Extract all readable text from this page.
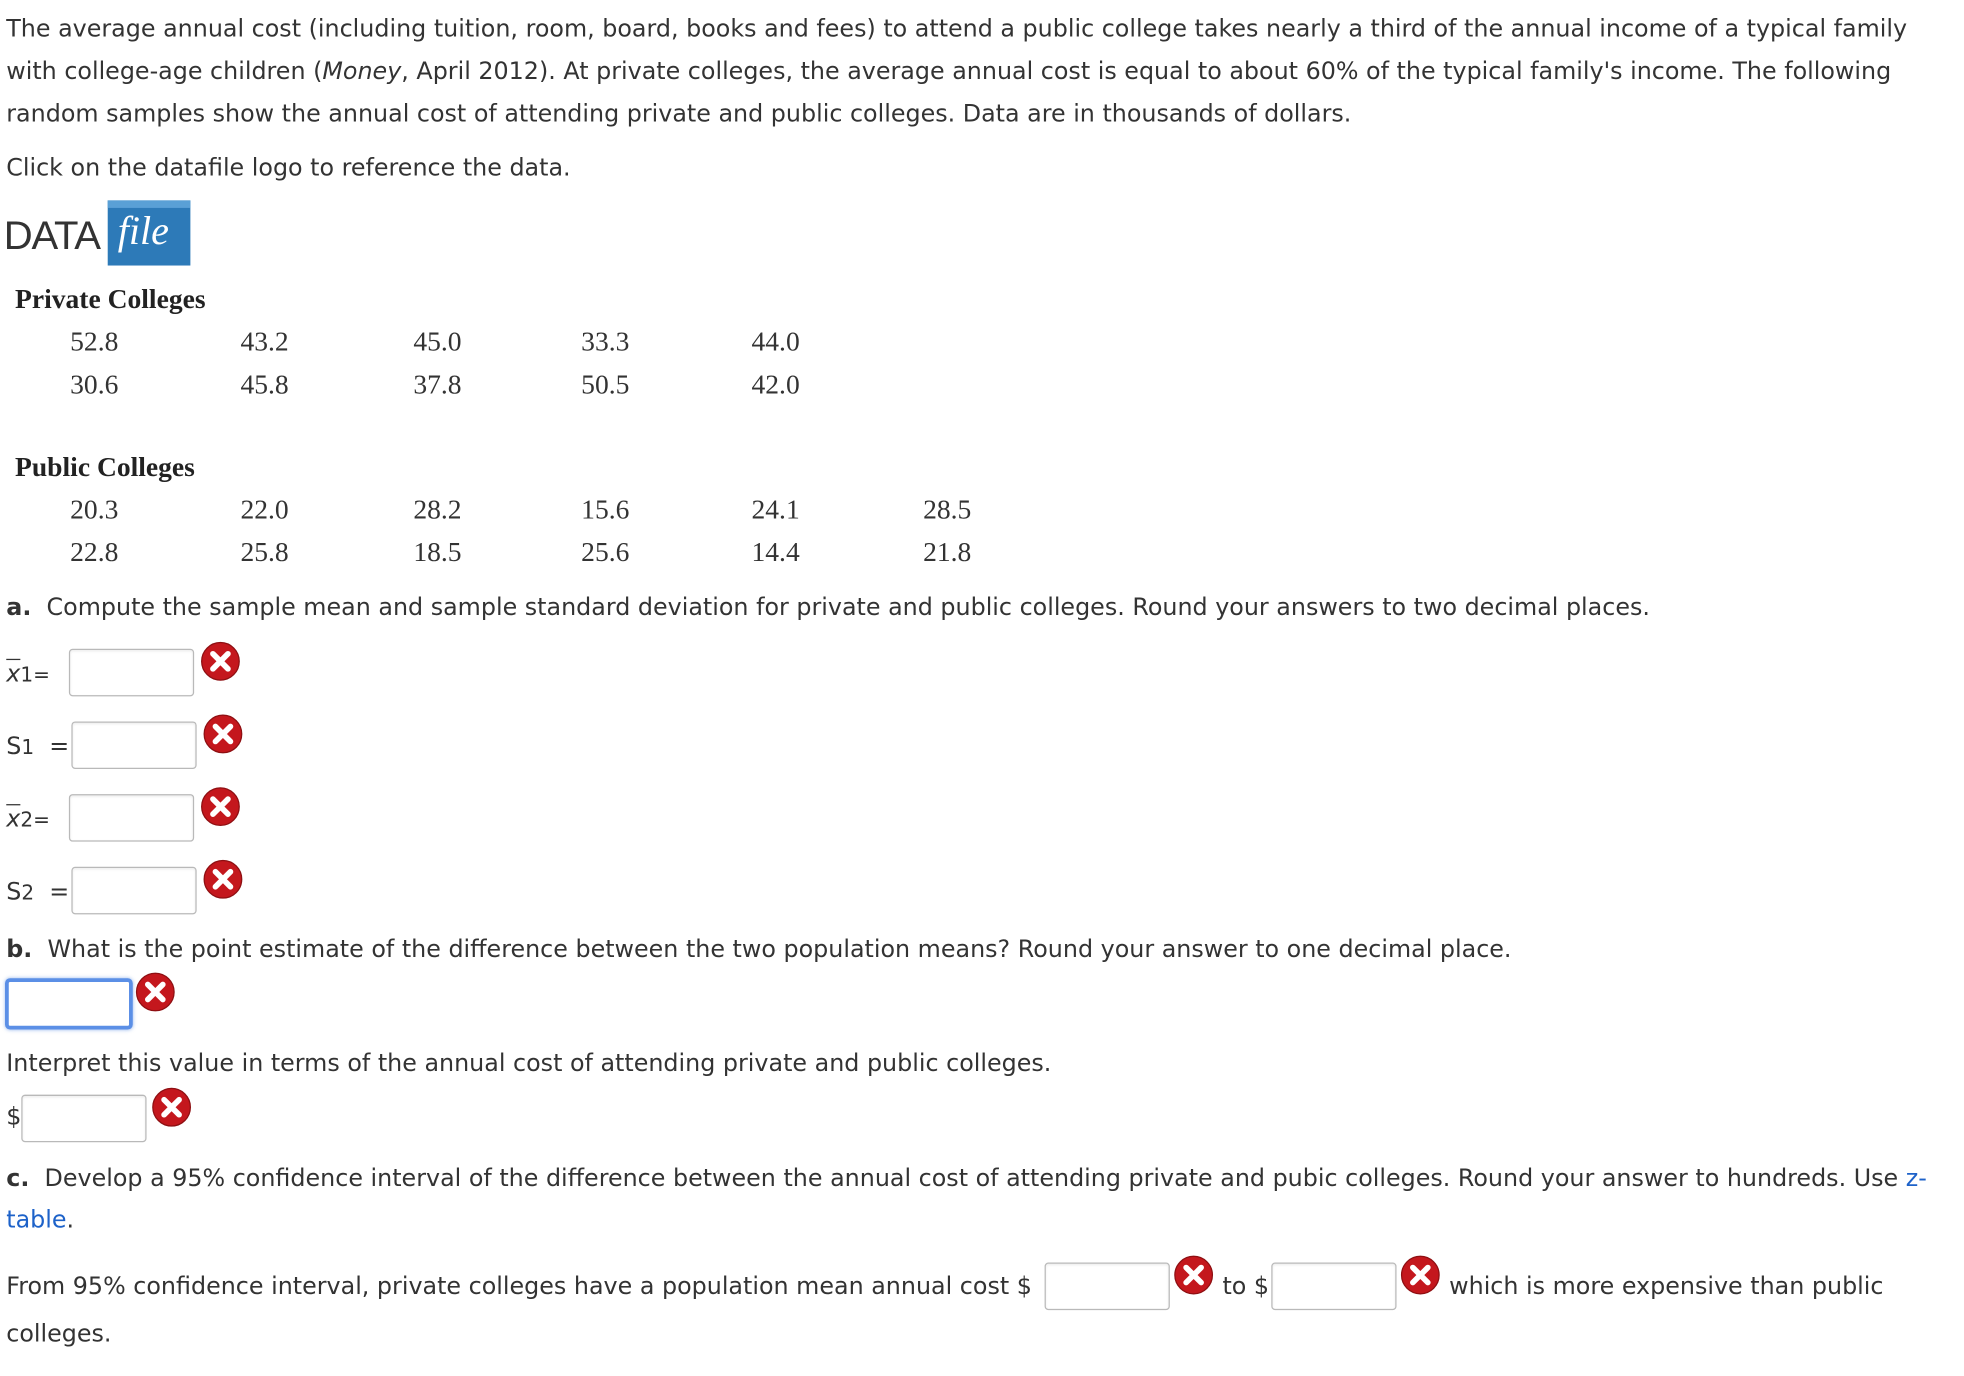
The average annual cost (including tuition, room, board, books and fees) to attend a public college takes nearly a third of the annual income of a typical family
with college-age children (Money, April 2012). At private colleges, the average annual cost is equal to about 60% of the typical family's income. The following
random samples show the annual cost of attending private and public colleges. Data are in thousands of dollars.
Click on the datafile logo to reference the data.
DATA file
Private Colleges
52.8	43.2	45.0	33.3	44.0
30.6	45.8	37.8	50.5	42.0
Public Colleges
20.3	22.0	28.2	15.6	24.1	28.5
22.8	25.8	18.5	25.6	14.4	21.8
a. Compute the sample mean and sample standard deviation for private and public colleges. Round your answers to two decimal places.
$\overline{x}1=$
S1 =
$\overline{x}2=$
S2 =
b. What is the point estimate of the difference between the two population means? Round your answer to one decimal place.
Interpret this value in terms of the annual cost of attending private and public colleges.
$
c. Develop a 95% confidence interval of the difference between the annual cost of attending private and pubic colleges. Round your answer to hundreds. Use z-
table.
From 95% confidence interval, private colleges have a population mean annual cost $	to $	which is more expensive than public
colleges.
